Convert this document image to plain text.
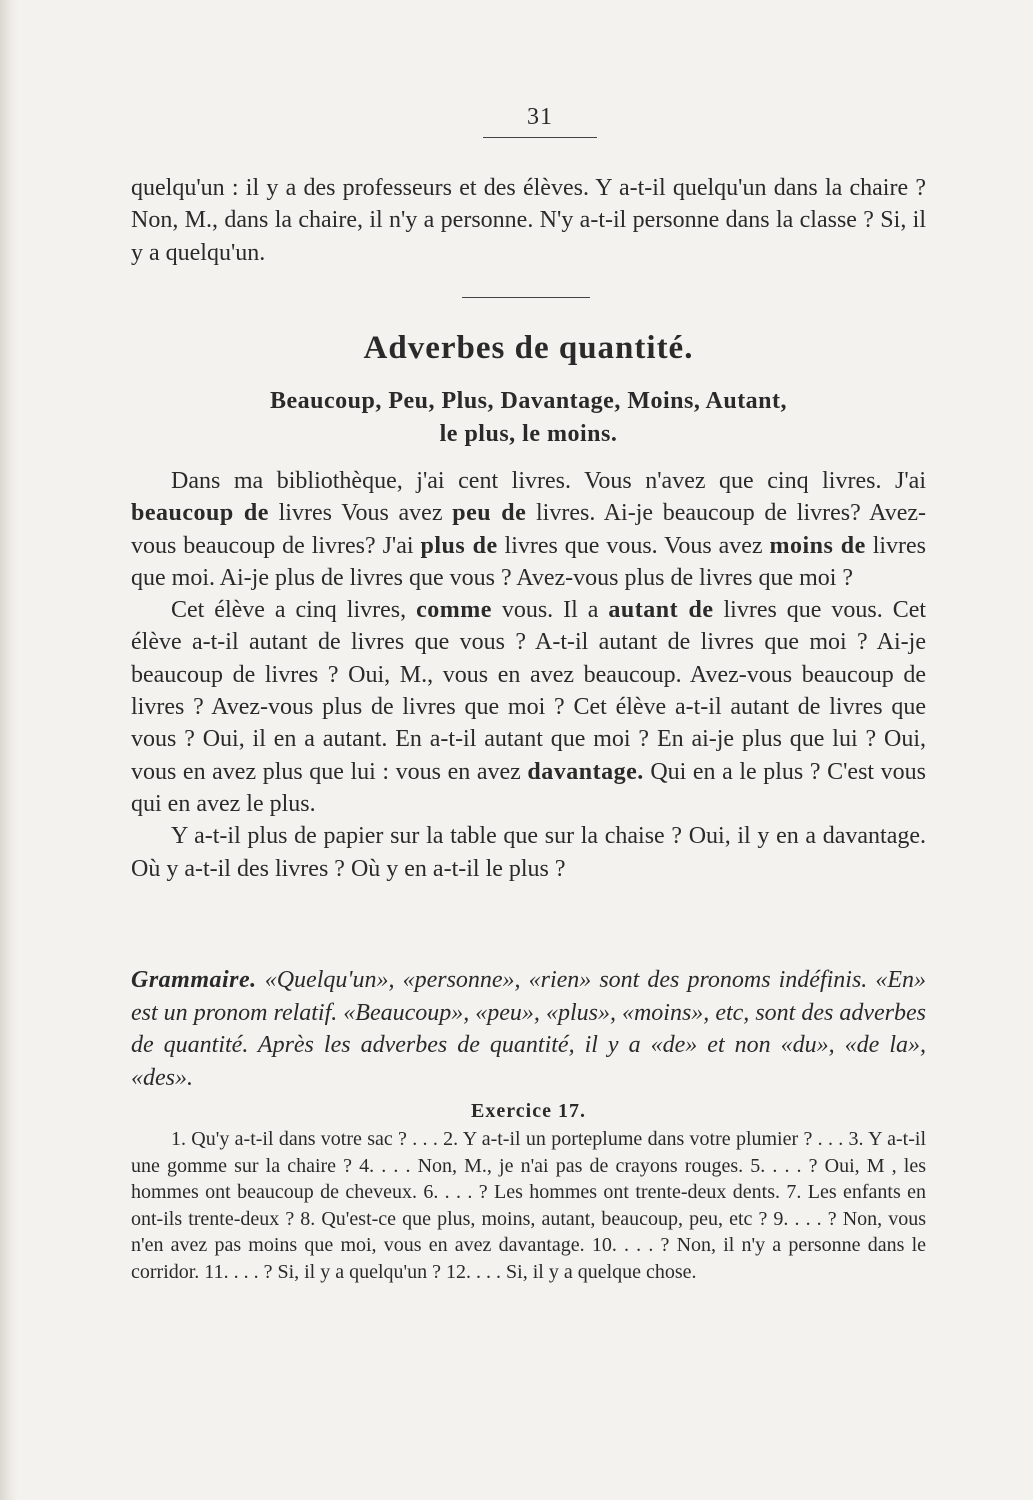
31
quelqu'un : il y a des professeurs et des élèves. Y a-t-il quelqu'un dans la chaire ? Non, M., dans la chaire, il n'y a personne. N'y a-t-il personne dans la classe ? Si, il y a quelqu'un.
Adverbes de quantité.
Beaucoup, Peu, Plus, Davantage, Moins, Autant,
le plus, le moins.

Dans ma bibliothèque, j'ai cent livres. Vous n'avez que cinq livres. J'ai beaucoup de livres Vous avez peu de livres. Ai-je beaucoup de livres? Avez-vous beaucoup de livres? J'ai plus de livres que vous. Vous avez moins de livres que moi. Ai-je plus de livres que vous ? Avez-vous plus de livres que moi ?

Cet élève a cinq livres, comme vous. Il a autant de livres que vous. Cet élève a-t-il autant de livres que vous ? A-t-il autant de livres que moi ? Ai-je beaucoup de livres ? Oui, M., vous en avez beaucoup. Avez-vous beaucoup de livres ? Avez-vous plus de livres que moi ? Cet élève a-t-il autant de livres que vous ? Oui, il en a autant. En a-t-il autant que moi ? En ai-je plus que lui ? Oui, vous en avez plus que lui : vous en avez davantage. Qui en a le plus ? C'est vous qui en avez le plus.

Y a-t-il plus de papier sur la table que sur la chaise ? Oui, il y en a davantage. Où y a-t-il des livres ? Où y en a-t-il le plus ?

Grammaire. «Quelqu'un», «personne», «rien» sont des pronoms indéfinis. «En» est un pronom relatif. «Beaucoup», «peu», «plus», «moins», etc, sont des adverbes de quantité. Après les adverbes de quantité, il y a «de» et non «du», «de la», «des».
Exercice 17.

1. Qu'y a-t-il dans votre sac ? . . . 2. Y a-t-il un porteplume dans votre plumier ? . . . 3. Y a-t-il une gomme sur la chaire ? 4. . . . Non, M., je n'ai pas de crayons rouges. 5. . . . ? Oui, M , les hommes ont beaucoup de cheveux. 6. . . . ? Les hommes ont trente-deux dents. 7. Les enfants en ont-ils trente-deux ? 8. Qu'est-ce que plus, moins, autant, beaucoup, peu, etc ? 9. . . . ? Non, vous n'en avez pas moins que moi, vous en avez davantage. 10. . . . ? Non, il n'y a personne dans le corridor. 11. . . . ? Si, il y a quelqu'un ? 12. . . . Si, il y a quelque chose.
